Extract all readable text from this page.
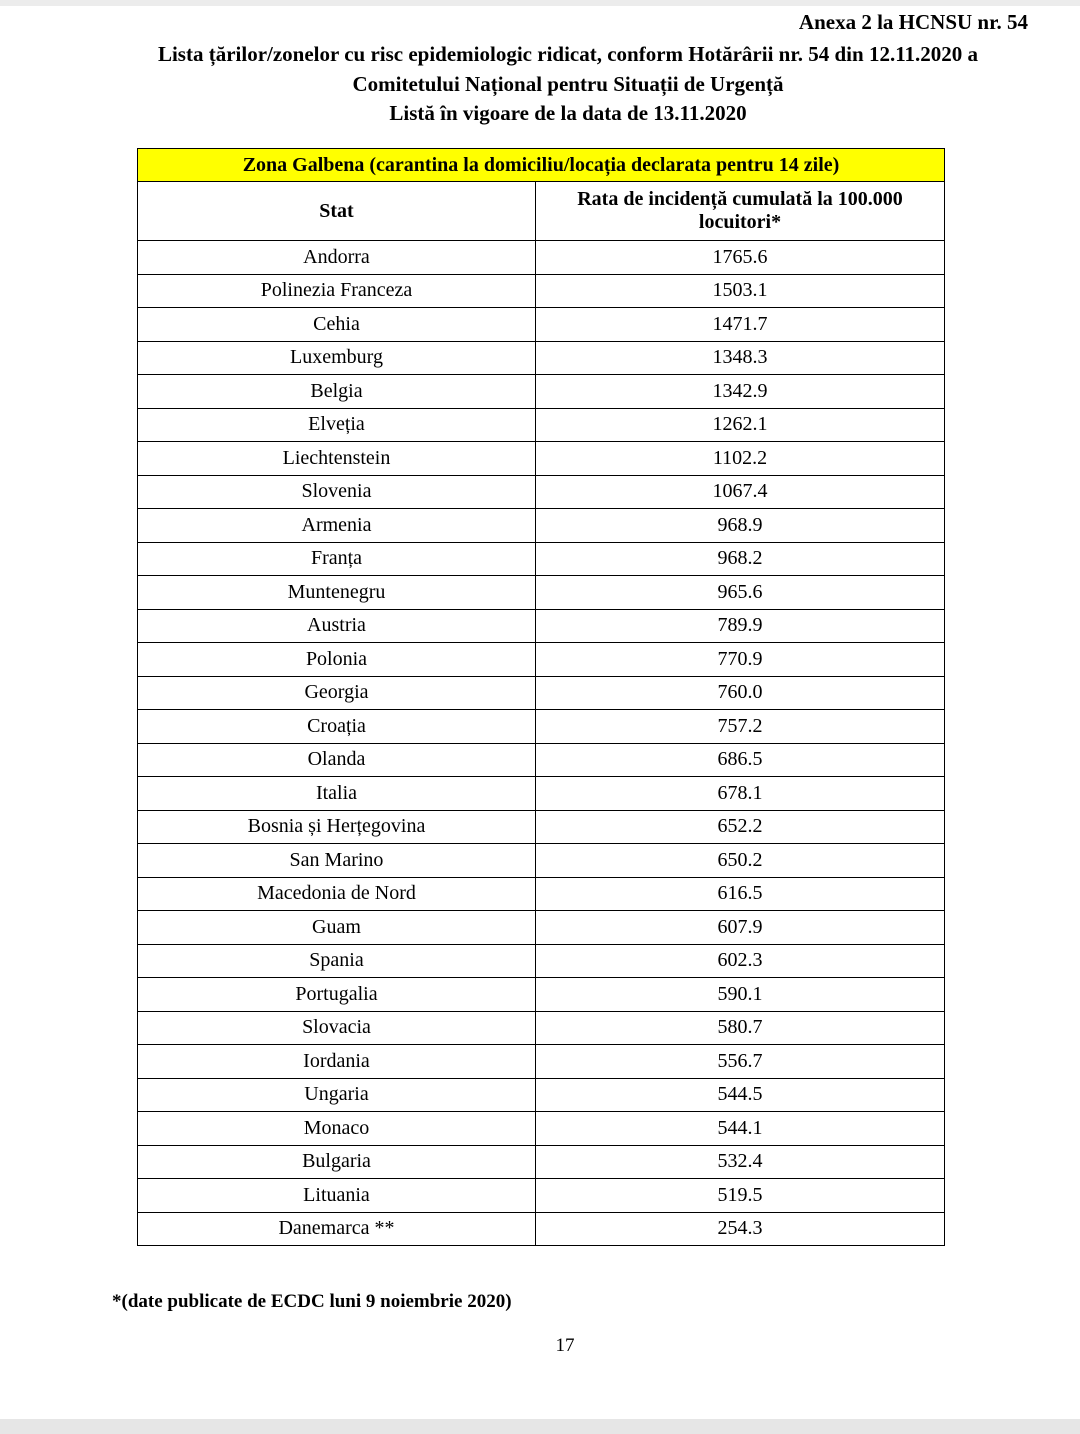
Anexa 2 la HCNSU nr. 54
Lista țărilor/zonelor cu risc epidemiologic ridicat, conform Hotărârii nr. 54 din 12.11.2020 a
Comitetului Național pentru Situații de Urgență
Listă în vigoare de la data de 13.11.2020
Zona Galbena (carantina la domiciliu/locația declarata pentru 14 zile)	
Stat	Rata de incidență cumulată la 100.000 locuitori*
Andorra	1765.6
Polinezia Franceza	1503.1
Cehia	1471.7
Luxemburg	1348.3
Belgia	1342.9
Elveția	1262.1
Liechtenstein	1102.2
Slovenia	1067.4
Armenia	968.9
Franța	968.2
Muntenegru	965.6
Austria	789.9
Polonia	770.9
Georgia	760.0
Croația	757.2
Olanda	686.5
Italia	678.1
Bosnia și Herțegovina	652.2
San Marino	650.2
Macedonia de Nord	616.5
Guam	607.9
Spania	602.3
Portugalia	590.1
Slovacia	580.7
Iordania	556.7
Ungaria	544.5
Monaco	544.1
Bulgaria	532.4
Lituania	519.5
Danemarca **	254.3
*(date publicate de ECDC luni 9 noiembrie 2020)
17
